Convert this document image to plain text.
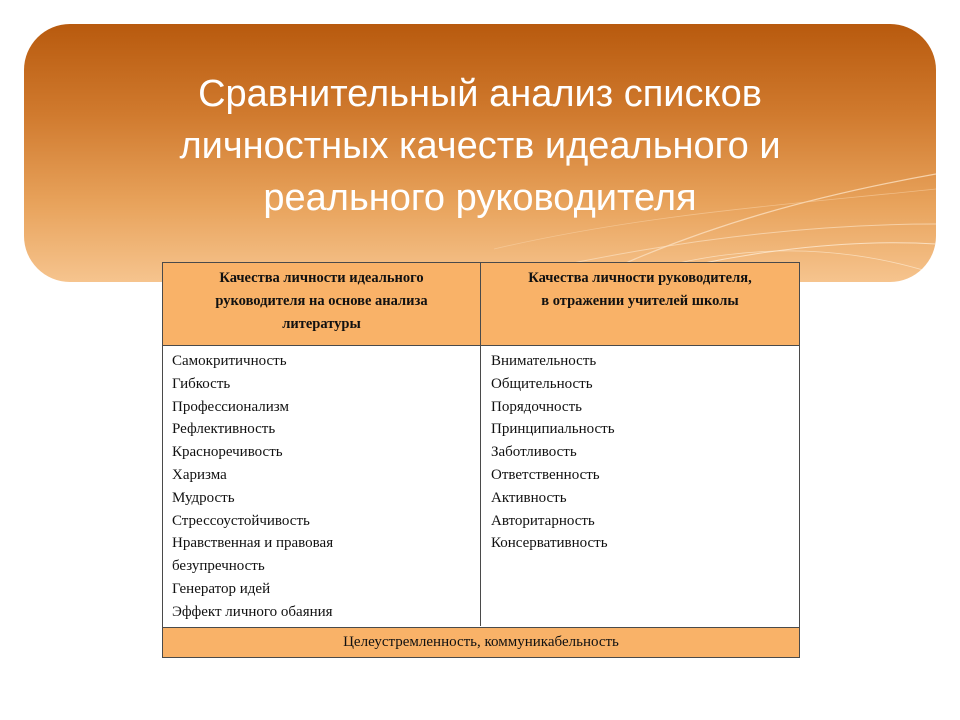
Сравнительный анализ списков
личностных качеств идеального и
реального руководителя
Качества личности идеального
руководителя на основе анализа
литературы
Качества личности руководителя,
в отражении учителей школы
Самокритичность
Гибкость
Профессионализм
Рефлективность
Красноречивость
Харизма
Мудрость
Стрессоустойчивость
Нравственная и правовая
безупречность
Генератор идей
Эффект личного обаяния
Внимательность
Общительность
Порядочность
Принципиальность
Заботливость
Ответственность
Активность
Авторитарность
Консервативность
Целеустремленность, коммуникабельность
